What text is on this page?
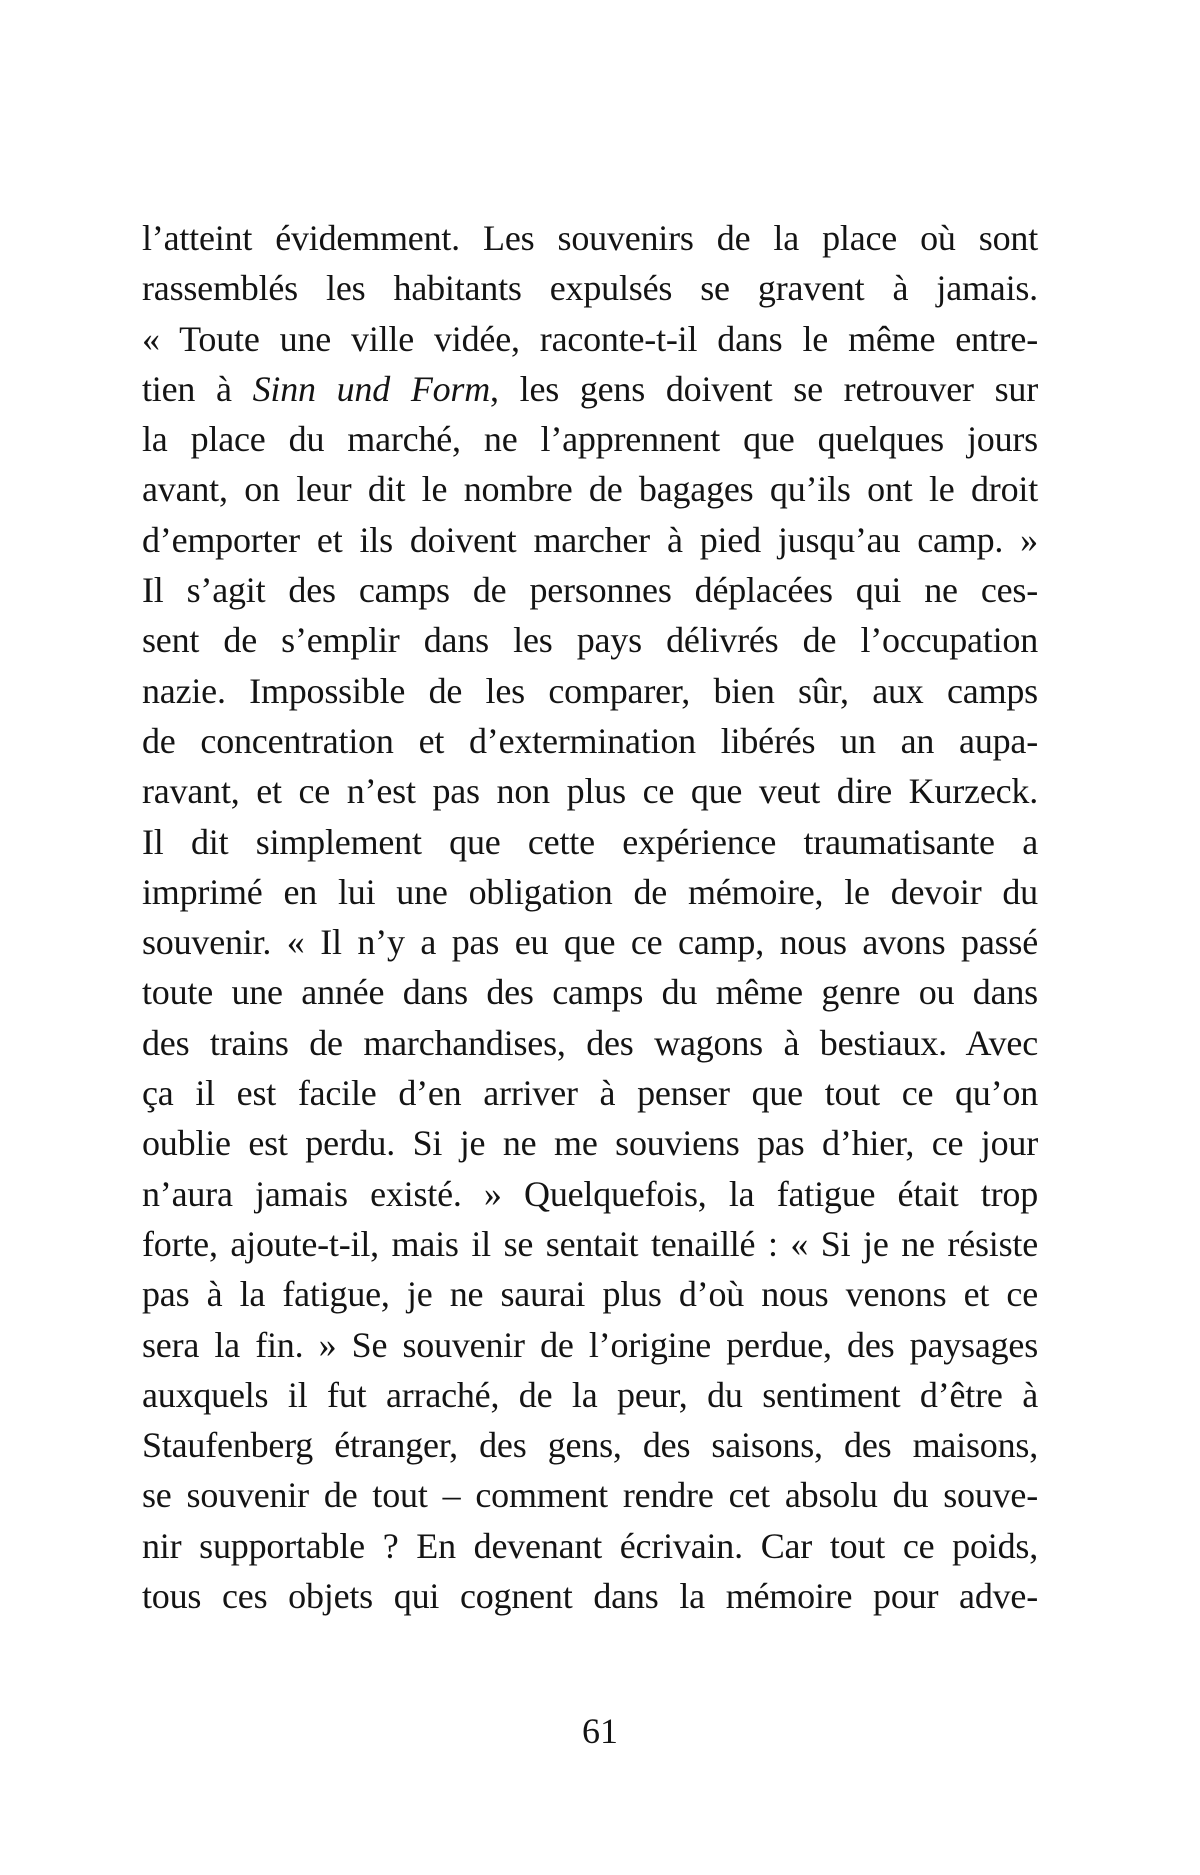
l’atteint évidemment. Les souvenirs de la place où sont
rassemblés les habitants expulsés se gravent à jamais.
« Toute une ville vidée, raconte-t-il dans le même entre-
tien à Sinn und Form, les gens doivent se retrouver sur
la place du marché, ne l’apprennent que quelques jours
avant, on leur dit le nombre de bagages qu’ils ont le droit
d’emporter et ils doivent marcher à pied jusqu’au camp. »
Il s’agit des camps de personnes déplacées qui ne ces-
sent de s’emplir dans les pays délivrés de l’occupation
nazie. Impossible de les comparer, bien sûr, aux camps
de concentration et d’extermination libérés un an aupa-
ravant, et ce n’est pas non plus ce que veut dire Kurzeck.
Il dit simplement que cette expérience traumatisante a
imprimé en lui une obligation de mémoire, le devoir du
souvenir. « Il n’y a pas eu que ce camp, nous avons passé
toute une année dans des camps du même genre ou dans
des trains de marchandises, des wagons à bestiaux. Avec
ça il est facile d’en arriver à penser que tout ce qu’on
oublie est perdu. Si je ne me souviens pas d’hier, ce jour
n’aura jamais existé. » Quelquefois, la fatigue était trop
forte, ajoute-t-il, mais il se sentait tenaillé : « Si je ne résiste
pas à la fatigue, je ne saurai plus d’où nous venons et ce
sera la fin. » Se souvenir de l’origine perdue, des paysages
auxquels il fut arraché, de la peur, du sentiment d’être à
Staufenberg étranger, des gens, des saisons, des maisons,
se souvenir de tout – comment rendre cet absolu du souve-
nir supportable ? En devenant écrivain. Car tout ce poids,
tous ces objets qui cognent dans la mémoire pour adve-
61
